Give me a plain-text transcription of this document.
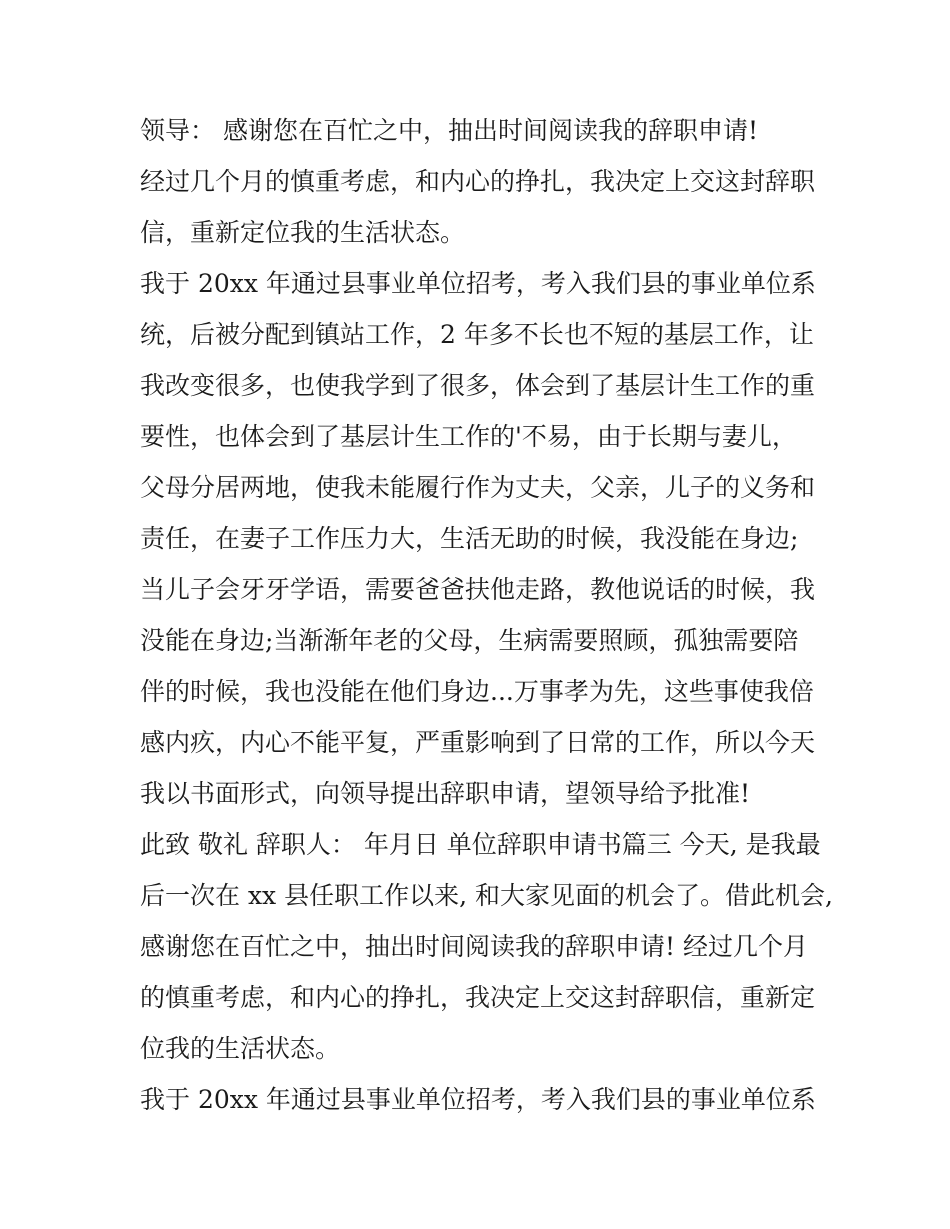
领导： 感谢您在百忙之中，抽出时间阅读我的辞职申请!
经过几个月的慎重考虑，和内心的挣扎，我决定上交这封辞职
信，重新定位我的生活状态。
我于 20xx 年通过县事业单位招考，考入我们县的事业单位系
统，后被分配到镇站工作，2 年多不长也不短的基层工作，让
我改变很多，也使我学到了很多，体会到了基层计生工作的重
要性，也体会到了基层计生工作的'不易，由于长期与妻儿，
父母分居两地，使我未能履行作为丈夫，父亲，儿子的义务和
责任，在妻子工作压力大，生活无助的时候，我没能在身边;
当儿子会牙牙学语，需要爸爸扶他走路，教他说话的时候，我
没能在身边;当渐渐年老的父母，生病需要照顾，孤独需要陪
伴的时候，我也没能在他们身边...万事孝为先，这些事使我倍
感内疚，内心不能平复，严重影响到了日常的工作，所以今天
我以书面形式，向领导提出辞职申请，望领导给予批准!
此致 敬礼 辞职人： 年月日 单位辞职申请书篇三 今天, 是我最
后一次在 xx 县任职工作以来, 和大家见面的机会了。借此机会,
感谢您在百忙之中，抽出时间阅读我的辞职申请! 经过几个月
的慎重考虑，和内心的挣扎，我决定上交这封辞职信，重新定
位我的生活状态。
我于 20xx 年通过县事业单位招考，考入我们县的事业单位系
